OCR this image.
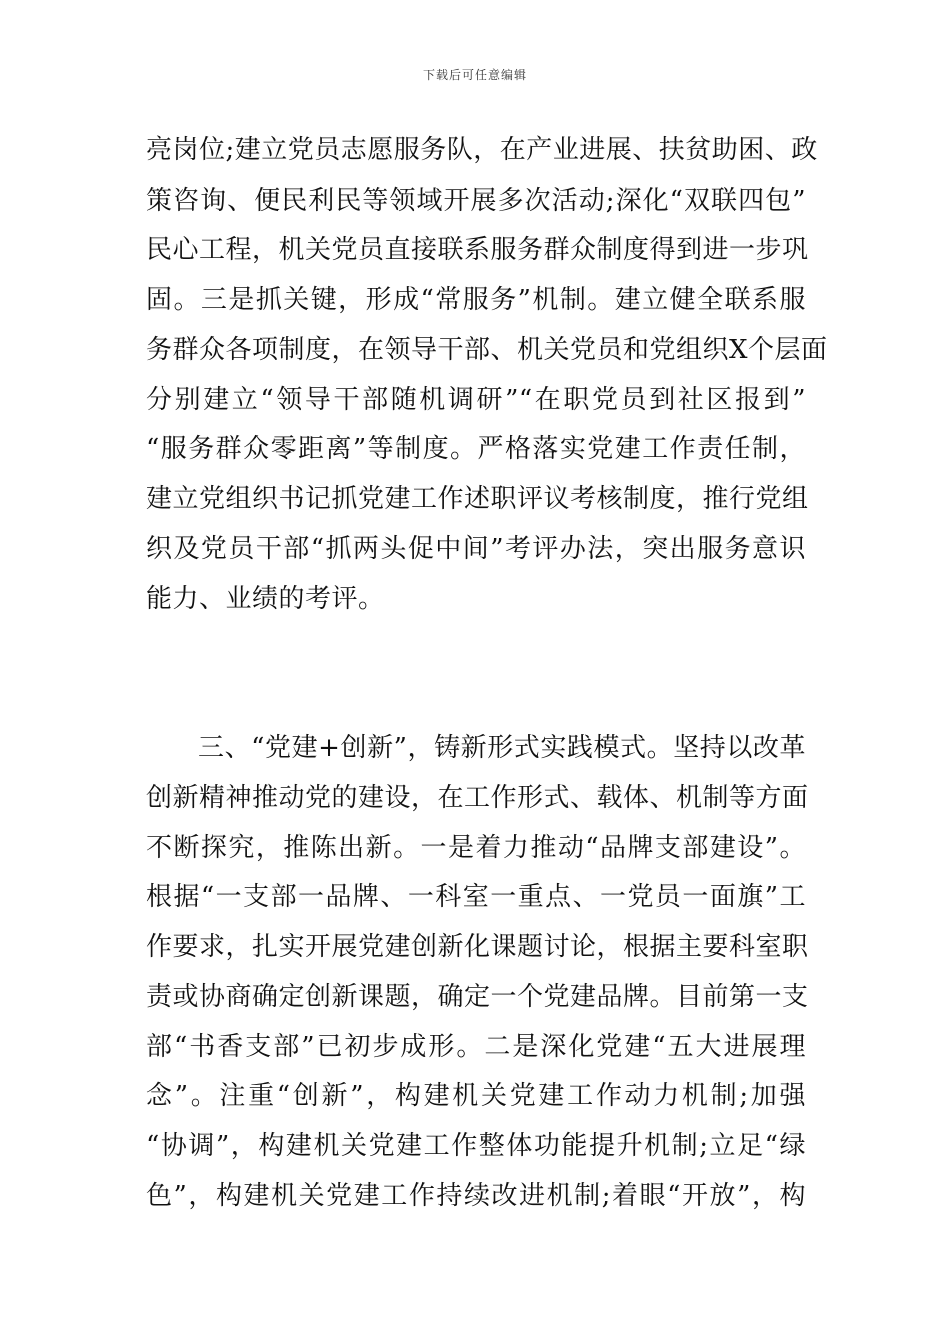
下载后可任意编辑
亮岗位;建立党员志愿服务队，在产业进展、扶贫助困、政
策咨询、便民利民等领域开展多次活动;深化“双联四包”
民心工程，机关党员直接联系服务群众制度得到进一步巩
固。三是抓关键，形成“常服务”机制。建立健全联系服
务群众各项制度，在领导干部、机关党员和党组织X个层面
分别建立“领导干部随机调研”“在职党员到社区报到”
“服务群众零距离”等制度。严格落实党建工作责任制，
建立党组织书记抓党建工作述职评议考核制度，推行党组
织及党员干部“抓两头促中间”考评办法，突出服务意识
能力、业绩的考评。
三、“党建+创新”，铸新形式实践模式。坚持以改革
创新精神推动党的建设，在工作形式、载体、机制等方面
不断探究，推陈出新。一是着力推动“品牌支部建设”。
根据“一支部一品牌、一科室一重点、一党员一面旗”工
作要求，扎实开展党建创新化课题讨论，根据主要科室职
责或协商确定创新课题，确定一个党建品牌。目前第一支
部“书香支部”已初步成形。二是深化党建“五大进展理
念”。注重“创新”，构建机关党建工作动力机制;加强
“协调”，构建机关党建工作整体功能提升机制;立足“绿
色”，构建机关党建工作持续改进机制;着眼“开放”，构
